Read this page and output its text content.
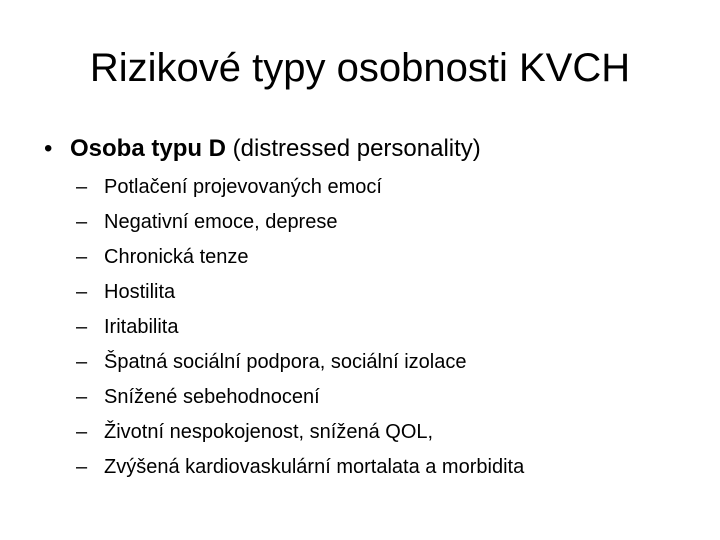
Rizikové typy osobnosti KVCH
• Osoba typu D (distressed personality)
– Potlačení projevovaných emocí
– Negativní emoce, deprese
– Chronická tenze
– Hostilita
– Iritabilita
– Špatná sociální podpora, sociální izolace
– Snížené sebehodnocení
– Životní nespokojenost, snížená QOL,
– Zvýšená kardiovaskulární mortalata a morbidita
